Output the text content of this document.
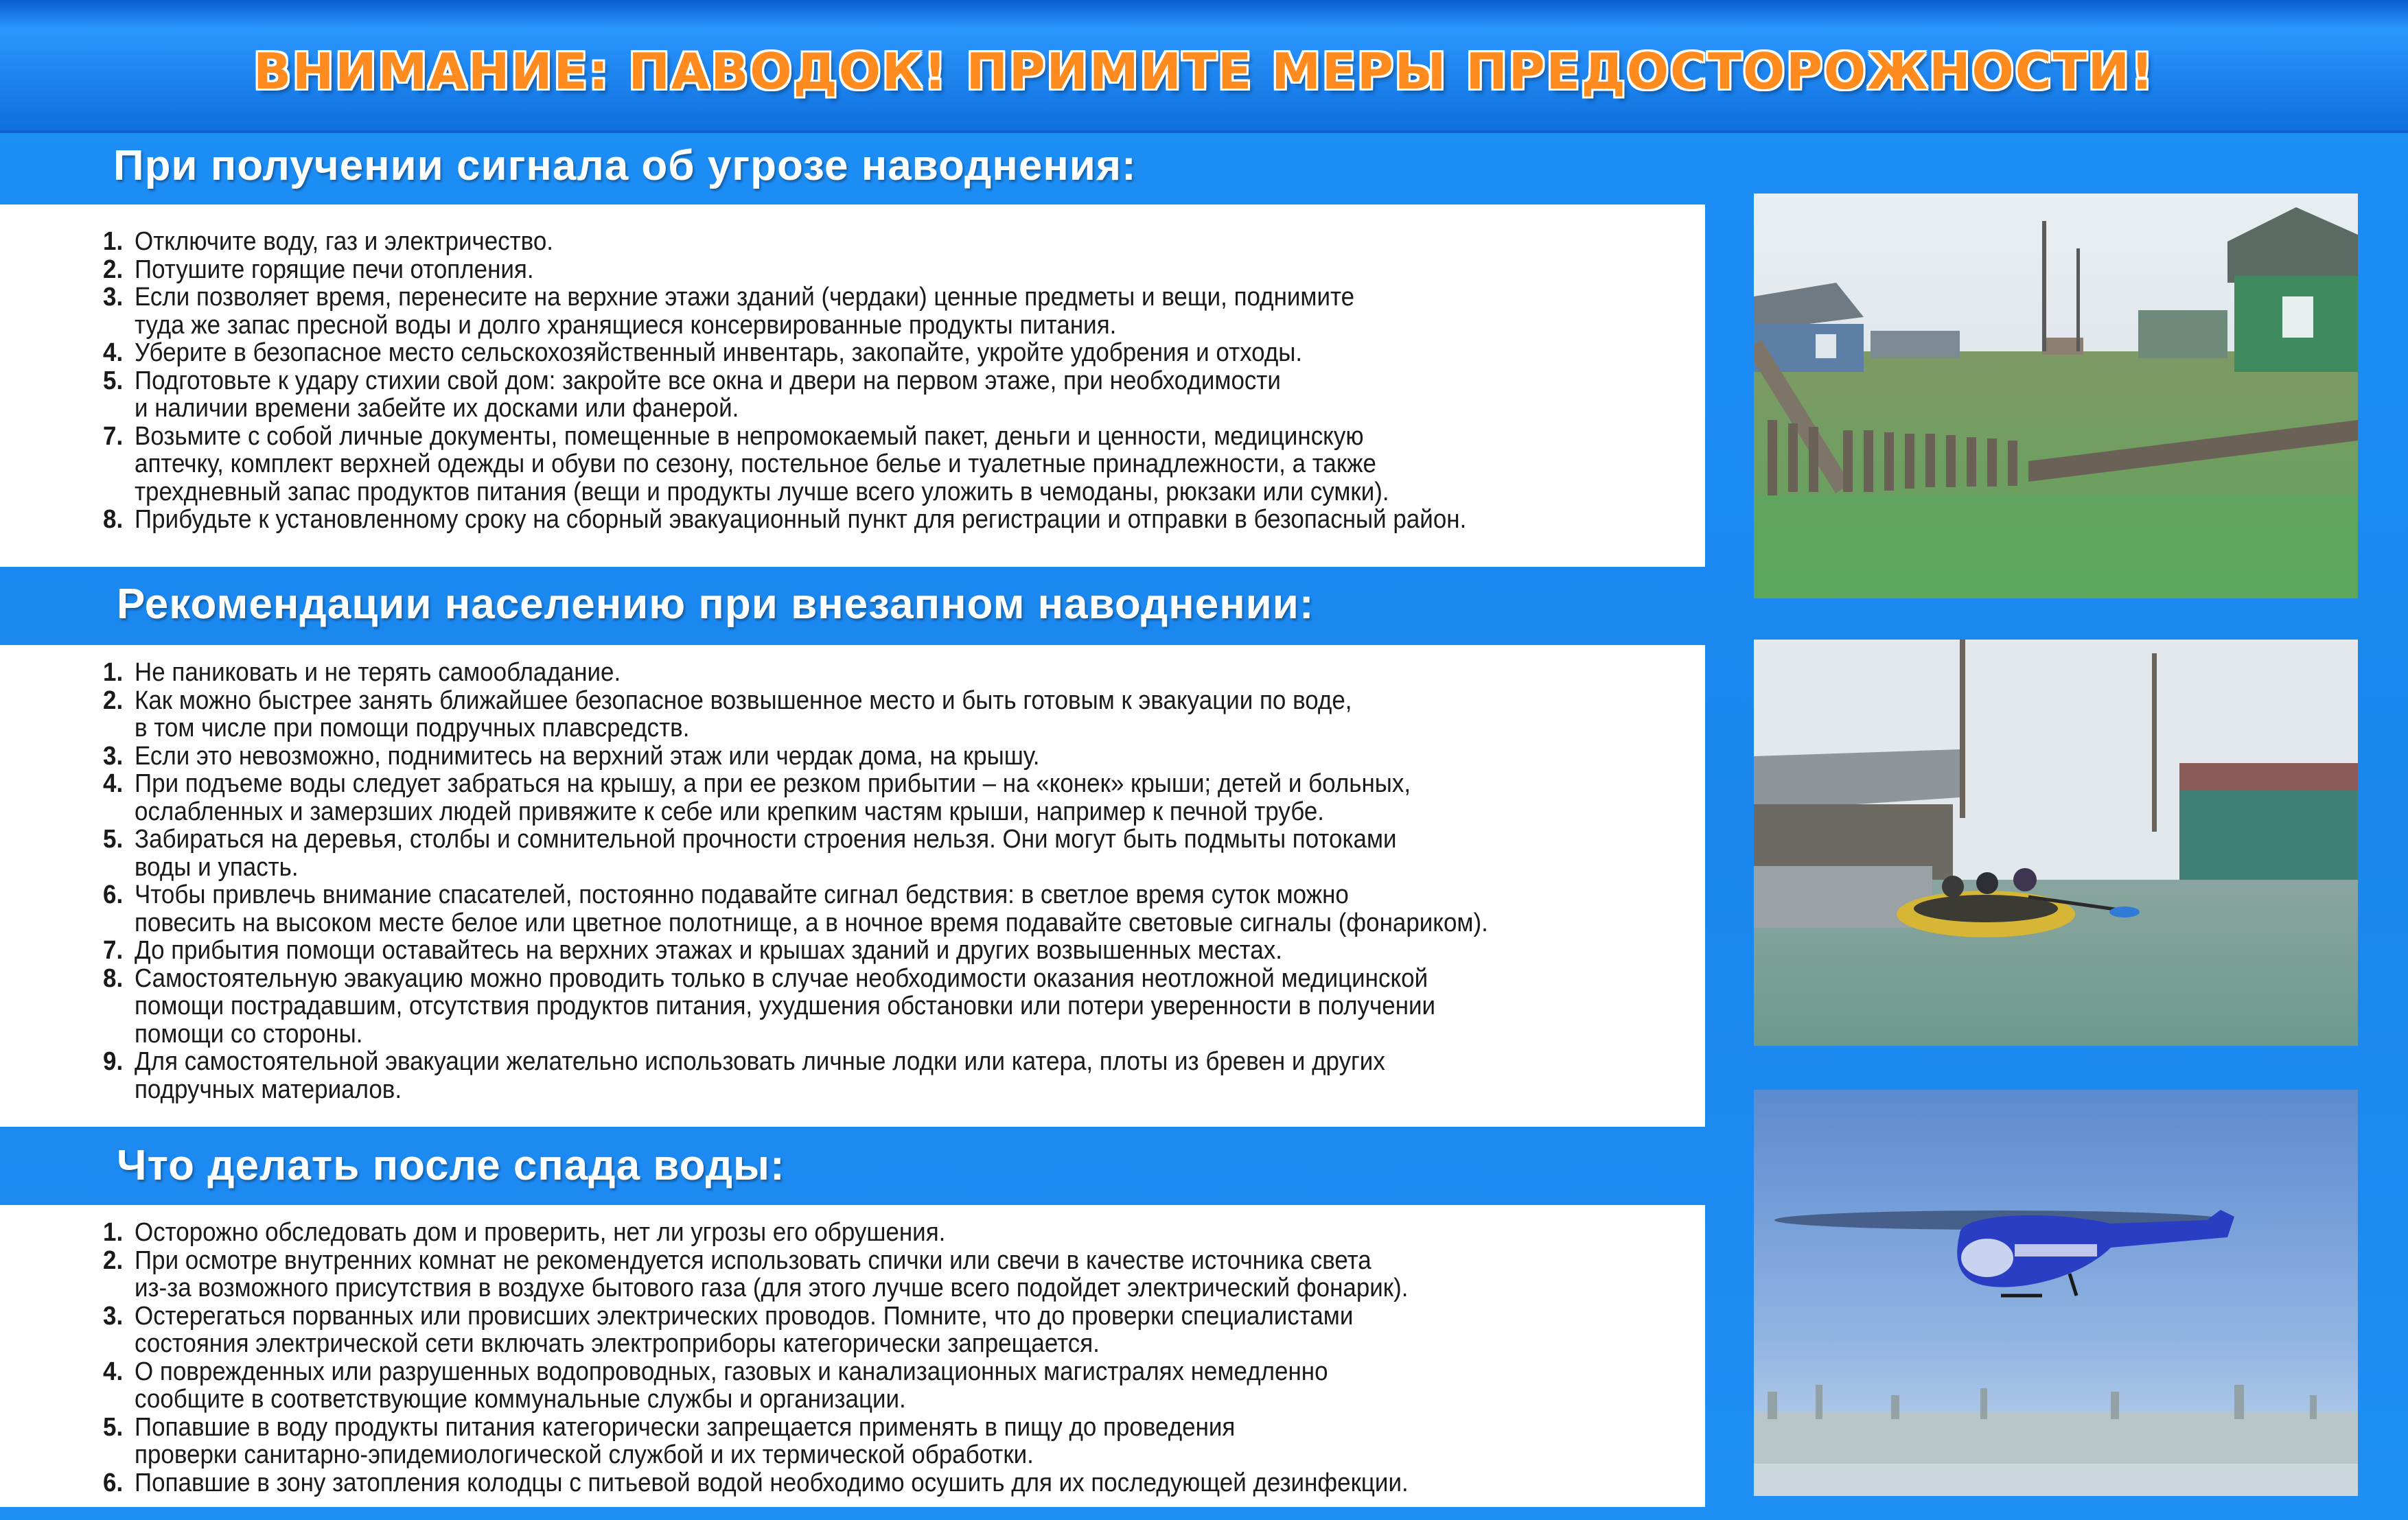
ВНИМАНИЕ: ПАВОДОК! ПРИМИТЕ МЕРЫ ПРЕДОСТОРОЖНОСТИ!
При получении сигнала об угрозе наводнения:
1. Отключите воду, газ и электричество.
2. Потушите горящие печи отопления.
3. Если позволяет время, перенесите на верхние этажи зданий (чердаки) ценные предметы и вещи, поднимите
туда же запас пресной воды и долго хранящиеся консервированные продукты питания.
4. Уберите в безопасное место сельскохозяйственный инвентарь, закопайте, укройте удобрения и отходы.
5. Подготовьте к удару стихии свой дом: закройте все окна и двери на первом этаже, при необходимости
и наличии времени забейте их досками или фанерой.
7. Возьмите с собой личные документы, помещенные в непромокаемый пакет, деньги и ценности, медицинскую
аптечку, комплект верхней одежды и обуви по сезону, постельное белье и туалетные принадлежности, а также
трехдневный запас продуктов питания (вещи и продукты лучше всего уложить в чемоданы, рюкзаки или сумки).
8. Прибудьте к установленному сроку на сборный эвакуационный пункт для регистрации и отправки в безопасный район.
Рекомендации населению при внезапном наводнении:
1. Не паниковать и не терять самообладание.
2. Как можно быстрее занять ближайшее безопасное возвышенное место и быть готовым к эвакуации по воде,
в том числе при помощи подручных плавсредств.
3. Если это невозможно, поднимитесь на верхний этаж или чердак дома, на крышу.
4. При подъеме воды следует забраться на крышу, а при ее резком прибытии – на «конек» крыши; детей и больных,
ослабленных и замерзших людей привяжите к себе или крепким частям крыши, например к печной трубе.
5. Забираться на деревья, столбы и сомнительной прочности строения нельзя. Они могут быть подмыты потоками
воды и упасть.
6. Чтобы привлечь внимание спасателей, постоянно подавайте сигнал бедствия: в светлое время суток можно
повесить на высоком месте белое или цветное полотнище, а в ночное время подавайте световые сигналы (фонариком).
7. До прибытия помощи оставайтесь на верхних этажах и крышах зданий и других возвышенных местах.
8. Самостоятельную эвакуацию можно проводить только в случае необходимости оказания неотложной медицинской
помощи пострадавшим, отсутствия продуктов питания, ухудшения обстановки или потери уверенности в получении
помощи со стороны.
9. Для самостоятельной эвакуации желательно использовать личные лодки или катера, плоты из бревен и других
подручных материалов.
Что делать после спада воды:
1. Осторожно обследовать дом и проверить, нет ли угрозы его обрушения.
2. При осмотре внутренних комнат не рекомендуется использовать спички или свечи в качестве источника света
из-за возможного присутствия в воздухе бытового газа (для этого лучше всего подойдет электрический фонарик).
3. Остерегаться порванных или провисших электрических проводов. Помните, что до проверки специалистами
состояния электрической сети включать электроприборы категорически запрещается.
4. О поврежденных или разрушенных водопроводных, газовых и канализационных магистралях немедленно
сообщите в соответствующие коммунальные службы и организации.
5. Попавшие в воду продукты питания категорически запрещается применять в пищу до проведения
проверки санитарно-эпидемиологической службой и их термической обработки.
6. Попавшие в зону затопления колодцы с питьевой водой необходимо осушить для их последующей дезинфекции.
